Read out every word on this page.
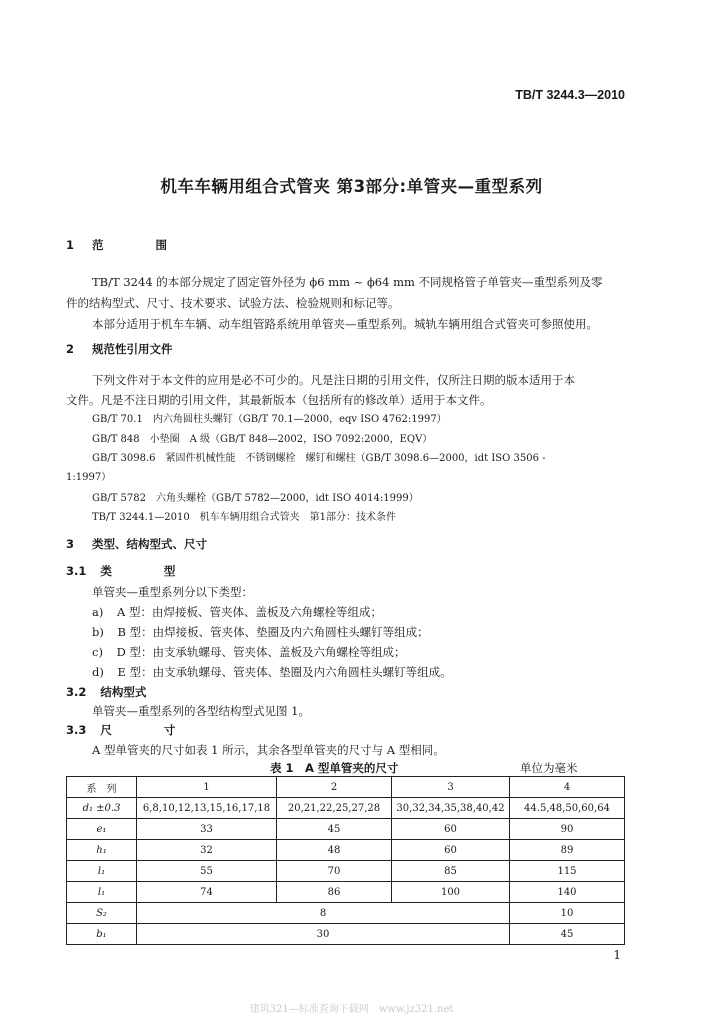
TB/T 3244.3—2010
机车车辆用组合式管夹 第3部分:单管夹—重型系列
1 范 围
TB/T 3244 的本部分规定了固定管外径为 ϕ6 mm ~ ϕ64 mm 不同规格管子单管夹—重型系列及零
件的结构型式、尺寸、技术要求、试验方法、检验规则和标记等。
本部分适用于机车车辆、动车组管路系统用单管夹—重型系列。城轨车辆用组合式管夹可参照使用。
2 规范性引用文件
下列文件对于本文件的应用是必不可少的。凡是注日期的引用文件，仅所注日期的版本适用于本
文件。凡是不注日期的引用文件，其最新版本（包括所有的修改单）适用于本文件。
GB/T 70.1　内六角圆柱头螺钉（GB/T 70.1—2000，eqv ISO 4762:1997）
GB/T 848　小垫圈　A 级（GB/T 848—2002，ISO 7092:2000，EQV）
GB/T 3098.6　紧固件机械性能　不锈钢螺栓　螺钉和螺柱（GB/T 3098.6—2000，idt ISO 3506 -
1:1997）
GB/T 5782　六角头螺栓（GB/T 5782—2000，idt ISO 4014:1999）
TB/T 3244.1—2010　机车车辆用组合式管夹　第1部分：技术条件
3 类型、结构型式、尺寸
3.1 类 型
单管夹—重型系列分以下类型：
a) A 型：由焊接板、管夹体、盖板及六角螺栓等组成；
b) B 型：由焊接板、管夹体、垫圈及内六角圆柱头螺钉等组成；
c) D 型：由支承轨螺母、管夹体、盖板及六角螺栓等组成；
d) E 型：由支承轨螺母、管夹体、垫圈及内六角圆柱头螺钉等组成。
3.2 结构型式
单管夹—重型系列的各型结构型式见图 1。
3.3 尺 寸
A 型单管夹的尺寸如表 1 所示，其余各型单管夹的尺寸与 A 型相同。
表 1　A 型单管夹的尺寸	单位为毫米
系　列	1	2	3	4
d₁ ±0.3	6,8,10,12,13,15,16,17,18	20,21,22,25,27,28	30,32,34,35,38,40,42	44.5,48,50,60,64
e₁	33	45	60	90
h₁	32	48	60	89
l₁	55	70	85	115
l₁	74	86	100	140
S₂	8			10
b₁	30			45
1
建筑321—标准查询下载网　www.jz321.net
